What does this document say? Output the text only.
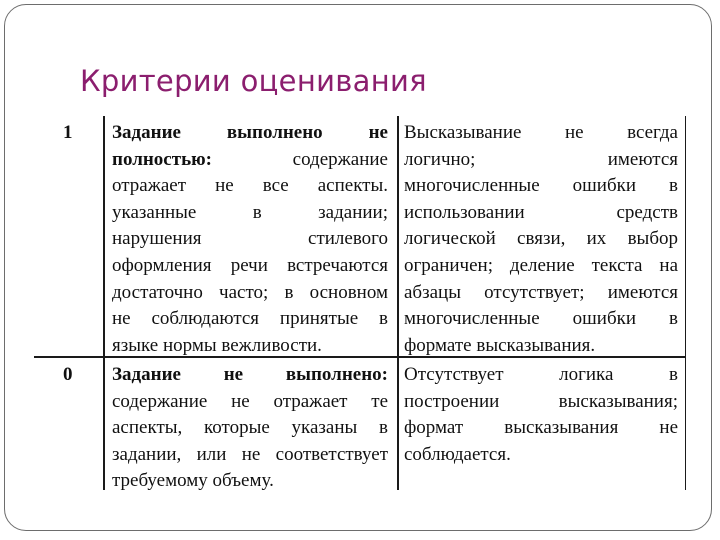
Критерии оценивания
1 Задание выполнено не
полностью: содержание
отражает не все аспекты.
указанные в задании;
нарушения стилевого
оформления речи встречаются
достаточно часто; в основном
не соблюдаются принятые в
языке нормы вежливости.
Высказывание не всегда
логично; имеются
многочисленные ошибки в
использовании средств
логической связи, их выбор
ограничен; деление текста на
абзацы отсутствует; имеются
многочисленные ошибки в
формате высказывания.
0 Задание не выполнено:
содержание не отражает те
аспекты, которые указаны в
задании, или не соответствует
требуемому объему.
Отсутствует логика в
построении высказывания;
формат высказывания не
соблюдается.
